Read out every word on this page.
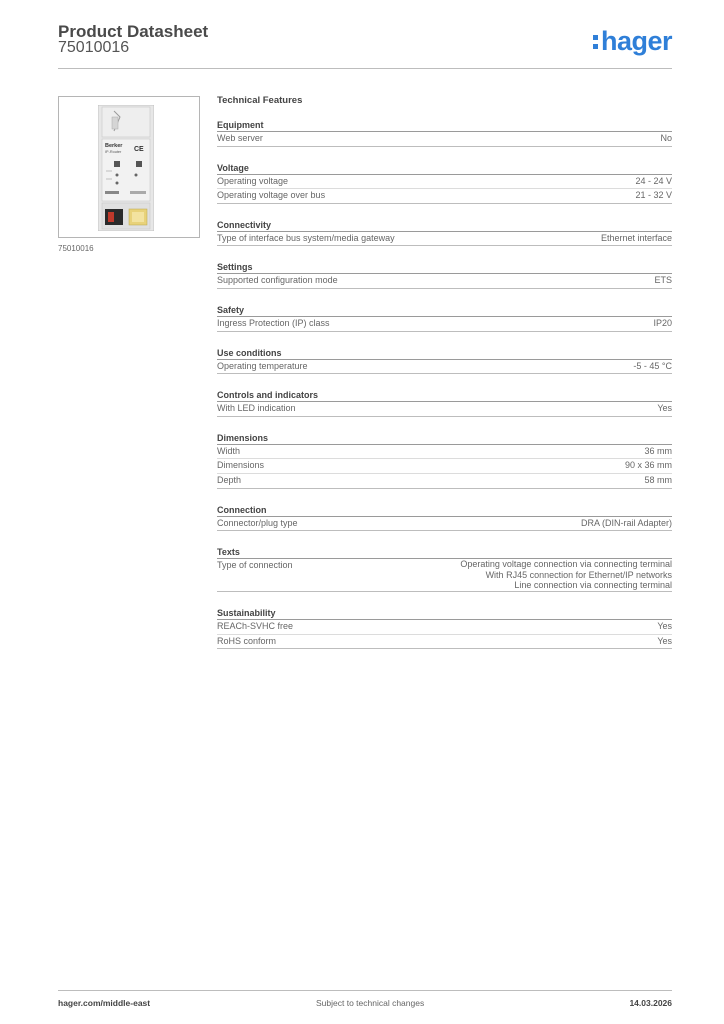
Product Datasheet
75010016	hager
Berker
IP-Router CE
75010016
Technical Features
Equipment
Web server	No
Voltage
Operating voltage	24 - 24 V
Operating voltage over bus	21 - 32 V
Connectivity
Type of interface bus system/media gateway	Ethernet interface
Settings
Supported configuration mode	ETS
Safety
Ingress Protection (IP) class	IP20
Use conditions
Operating temperature	-5 - 45 °C
Controls and indicators
With LED indication	Yes
Dimensions
Width	36 mm
Dimensions	90 x 36 mm
Depth	58 mm
Connection
Connector/plug type	DRA (DIN-rail Adapter)
Texts
Type of connection	Operating voltage connection via connecting terminal
With RJ45 connection for Ethernet/IP networks
Line connection via connecting terminal
Sustainability
REACh-SVHC free	Yes
RoHS conform	Yes
hager.com/middle-east	Subject to technical changes	14.03.2026
